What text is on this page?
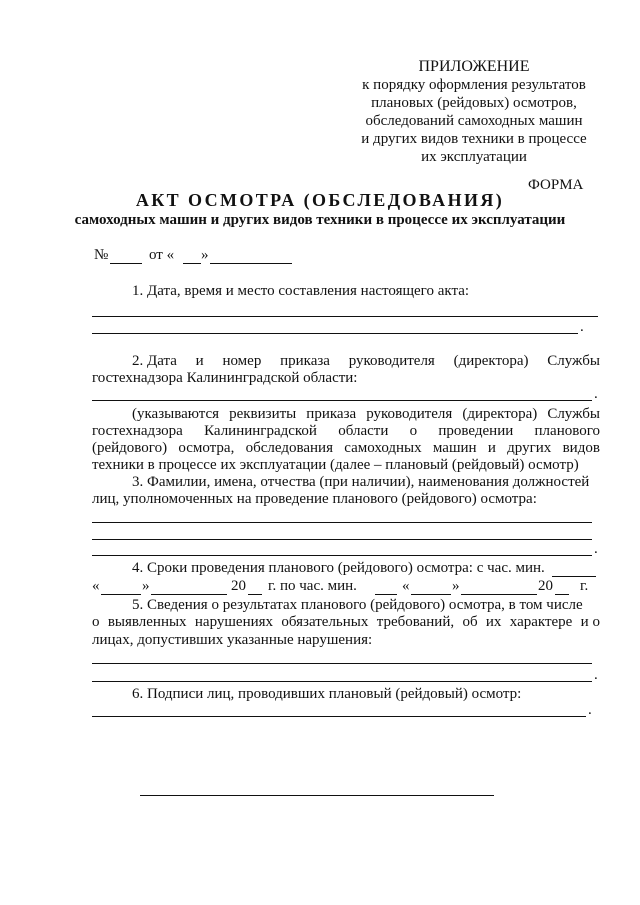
ПРИЛОЖЕНИЕ
к порядку оформления результатов
плановых (рейдовых) осмотров,
обследований самоходных машин
и других видов техники в процессе
их эксплуатации
ФОРМА
АКТ ОСМОТРА (ОБСЛЕДОВАНИЯ)
самоходных машин и других видов техники в процессе их эксплуатации
№	от « »
1. Дата, время и место составления настоящего акта:
.
2. Дата и номер приказа руководителя (директора) Службы
гостехнадзора Калининградской области:
.
(указываются реквизиты приказа руководителя (директора) Службы
гостехнадзора Калининградской области о проведении планового
(рейдового) осмотра, обследования самоходных машин и других видов
техники в процессе их эксплуатации (далее – плановый (рейдовый) осмотр)
3. Фамилии, имена, отчества (при наличии), наименования должностей
лиц, уполномоченных на проведение планового (рейдового) осмотра:
.
4. Сроки проведения планового (рейдового) осмотра: с час. мин.
«	»	20 г. по час. мин.	«	»	20 г.
5. Сведения о результатах планового (рейдового) осмотра, в том числе
о выявленных нарушениях обязательных требований, об их характере и о
лицах, допустивших указанные нарушения:
.
6. Подписи лиц, проводивших плановый (рейдовый) осмотр:
.
